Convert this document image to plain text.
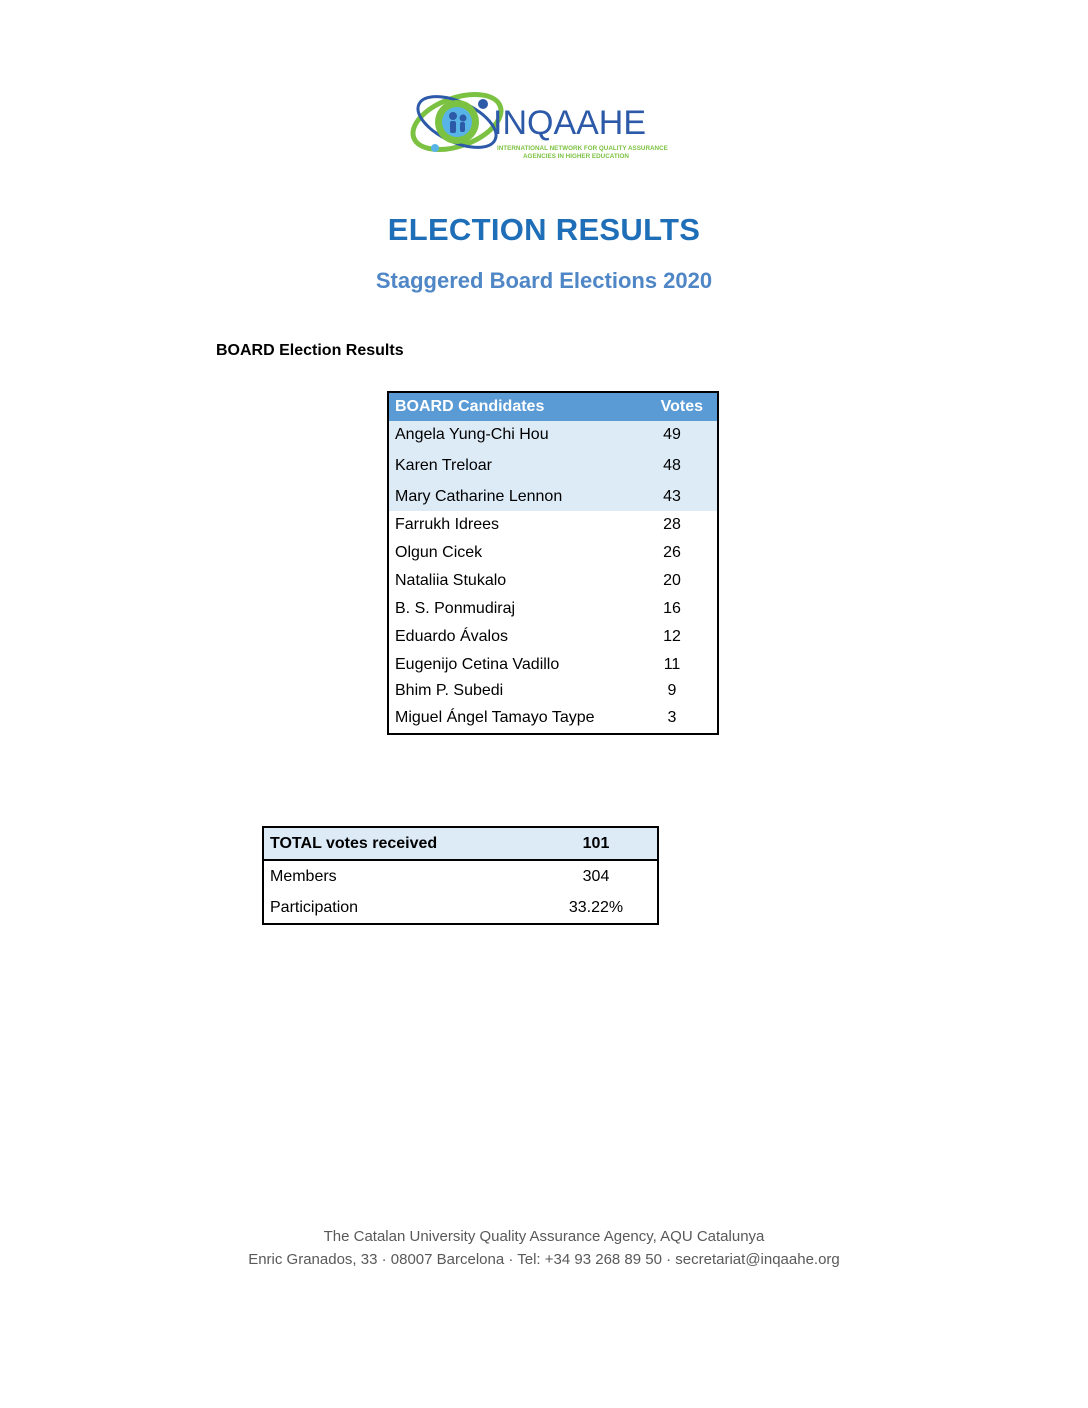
INQAAHE
INTERNATIONAL NETWORK FOR QUALITY ASSURANCE
AGENCIES IN HIGHER EDUCATION
ELECTION RESULTS
Staggered Board Elections 2020
BOARD Election Results
BOARD Candidates	Votes
Angela Yung-Chi Hou	49
Karen Treloar	48
Mary Catharine Lennon	43
Farrukh Idrees	28
Olgun Cicek	26
Nataliia Stukalo	20
B. S. Ponmudiraj	16
Eduardo Ávalos	12
Eugenijo Cetina Vadillo	11
Bhim P. Subedi	9
Miguel Ángel Tamayo Taype	3
TOTAL votes received	101
Members	304
Participation	33.22%
The Catalan University Quality Assurance Agency, AQU Catalunya
Enric Granados, 33 · 08007 Barcelona · Tel: +34 93 268 89 50 · secretariat@inqaahe.org
